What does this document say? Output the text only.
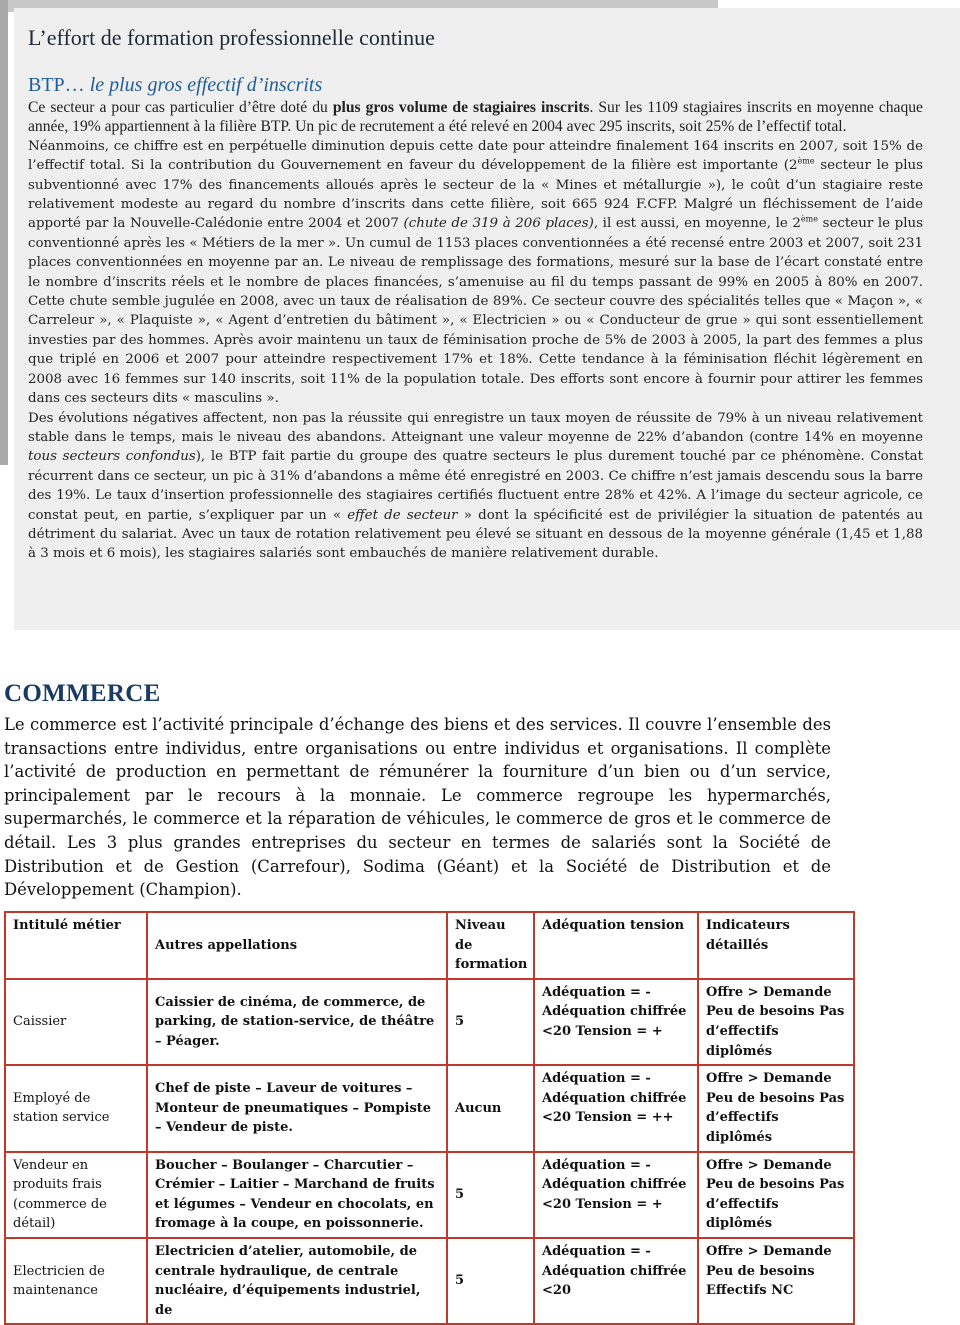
L’effort de formation professionnelle continue
BTP… le plus gros effectif d’inscrits

Ce secteur a pour cas particulier d’être doté du plus gros volume de stagiaires inscrits. Sur les 1109 stagiaires inscrits en moyenne chaque année, 19% appartiennent à la filière BTP. Un pic de recrutement a été relevé en 2004 avec 295 inscrits, soit 25% de l’effectif total.

Néanmoins, ce chiffre est en perpétuelle diminution depuis cette date pour atteindre finalement 164 inscrits en 2007, soit 15% de l’effectif total. Si la contribution du Gouvernement en faveur du développement de la filière est importante (2ème secteur le plus subventionné avec 17% des financements alloués après le secteur de la « Mines et métallurgie »), le coût d’un stagiaire reste relativement modeste au regard du nombre d’inscrits dans cette filière, soit 665 924 F.CFP. Malgré un fléchissement de l’aide apporté par la Nouvelle-Calédonie entre 2004 et 2007 (chute de 319 à 206 places), il est aussi, en moyenne, le 2ème secteur le plus conventionné après les « Métiers de la mer ». Un cumul de 1153 places conventionnées a été recensé entre 2003 et 2007, soit 231 places conventionnées en moyenne par an. Le niveau de remplissage des formations, mesuré sur la base de l’écart constaté entre le nombre d’inscrits réels et le nombre de places financées, s’amenuise au fil du temps passant de 99% en 2005 à 80% en 2007. Cette chute semble jugulée en 2008, avec un taux de réalisation de 89%. Ce secteur couvre des spécialités telles que « Maçon », « Carreleur », « Plaquiste », « Agent d’entretien du bâtiment », « Electricien » ou « Conducteur de grue » qui sont essentiellement investies par des hommes. Après avoir maintenu un taux de féminisation proche de 5% de 2003 à 2005, la part des femmes a plus que triplé en 2006 et 2007 pour atteindre respectivement 17% et 18%. Cette tendance à la féminisation fléchit légèrement en 2008 avec 16 femmes sur 140 inscrits, soit 11% de la population totale. Des efforts sont encore à fournir pour attirer les femmes dans ces secteurs dits « masculins ».

Des évolutions négatives affectent, non pas la réussite qui enregistre un taux moyen de réussite de 79% à un niveau relativement stable dans le temps, mais le niveau des abandons. Atteignant une valeur moyenne de 22% d’abandon (contre 14% en moyenne tous secteurs confondus), le BTP fait partie du groupe des quatre secteurs le plus durement touché par ce phénomène. Constat récurrent dans ce secteur, un pic à 31% d’abandons a même été enregistré en 2003. Ce chiffre n’est jamais descendu sous la barre des 19%. Le taux d’insertion professionnelle des stagiaires certifiés fluctuent entre 28% et 42%. A l’image du secteur agricole, ce constat peut, en partie, s’expliquer par un « effet de secteur » dont la spécificité est de privilégier la situation de patentés au détriment du salariat. Avec un taux de rotation relativement peu élevé se situant en dessous de la moyenne générale (1,45 et 1,88 à 3 mois et 6 mois), les stagiaires salariés sont embauchés de manière relativement durable.

COMMERCE
Le commerce est l’activité principale d’échange des biens et des services. Il couvre l’ensemble des transactions entre individus, entre organisations ou entre individus et organisations. Il complète l’activité de production en permettant de rémunérer la fourniture d’un bien ou d’un service, principalement par le recours à la monnaie. Le commerce regroupe les hypermarchés, supermarchés, le commerce et la réparation de véhicules, le commerce de gros et le commerce de détail. Les 3 plus grandes entreprises du secteur en termes de salariés sont la Société de Distribution et de Gestion (Carrefour), Sodima (Géant) et la Société de Distribution et de Développement (Champion).
Intitulé métier	Autres appellations	Niveau de formation	Adéquation tension	Indicateurs détaillés
Caissier	Caissier de cinéma, de commerce, de parking, de station-service, de théâtre – Péager.	5	Adéquation = - Adéquation chiffrée <20 Tension = +	Offre > Demande Peu de besoins Pas d’effectifs diplômés
Employé de station service	Chef de piste – Laveur de voitures – Monteur de pneumatiques – Pompiste – Vendeur de piste.	Aucun	Adéquation = - Adéquation chiffrée <20 Tension = ++	Offre > Demande Peu de besoins Pas d’effectifs diplômés
Vendeur en produits frais (commerce de détail)	Boucher – Boulanger – Charcutier – Crémier – Laitier – Marchand de fruits et légumes – Vendeur en chocolats, en fromage à la coupe, en poissonnerie.	5	Adéquation = - Adéquation chiffrée <20 Tension = +	Offre > Demande Peu de besoins Pas d’effectifs diplômés
Electricien de maintenance	Electricien d’atelier, automobile, de centrale hydraulique, de centrale nucléaire, d’équipements industriel, de	5	Adéquation = - Adéquation chiffrée <20	Offre > Demande Peu de besoins Effectifs NC
